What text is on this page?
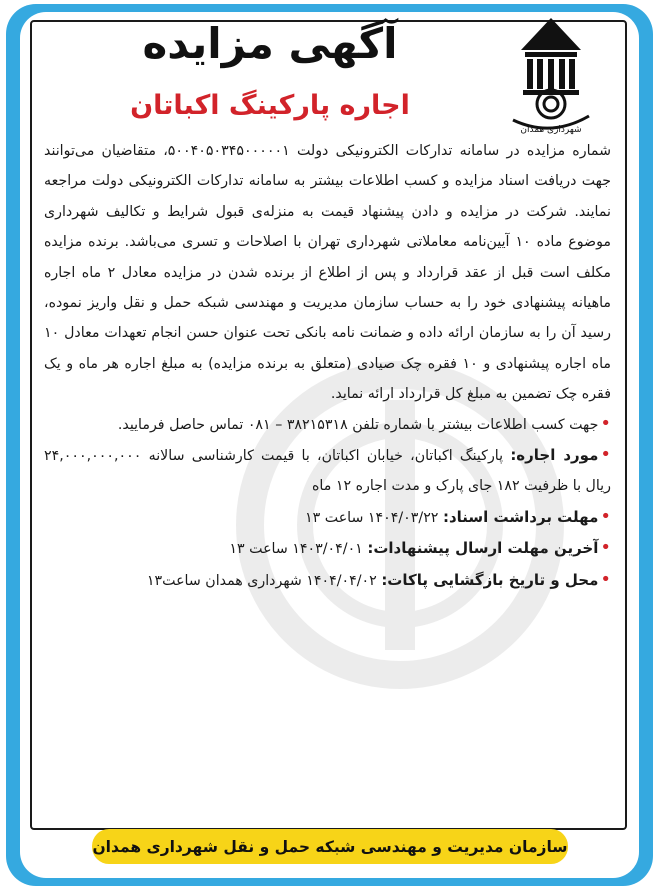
شهرداری همدان
آگهی مزایده
اجاره پارکینگ اکباتان

شماره مزایده در سامانه تدارکات الکترونیکی دولت ۵۰۰۴۰۵۰۳۴۵۰۰۰۰۰۱، متقاضیان می‌توانند جهت دریافت اسناد مزایده و کسب اطلاعات بیشتر به سامانه تدارکات الکترونیکی دولت مراجعه نمایند. شرکت در مزایده و دادن پیشنهاد قیمت به منزله‌ی قبول شرایط و تکالیف شهرداری موضوع ماده ۱۰ آیین‌نامه معاملاتی شهرداری تهران با اصلاحات و تسری می‌باشد. برنده مزایده مکلف است قبل از عقد قرارداد و پس از اطلاع از برنده شدن در مزایده معادل ۲ ماه اجاره ماهیانه پیشنهادی خود را به حساب سازمان مدیریت و مهندسی شبکه حمل و نقل واریز نموده، رسید آن را به سازمان ارائه داده و ضمانت نامه بانکی تحت عنوان حسن انجام تعهدات معادل ۱۰ ماه اجاره پیشنهادی و ۱۰ فقره چک صیادی (متعلق به برنده مزایده) به مبلغ اجاره هر ماه و یک فقره چک تضمین به مبلغ کل قرارداد ارائه نماید.

•جهت کسب اطلاعات بیشتر با شماره تلفن ۳۸۲۱۵۳۱۸ – ۰۸۱ تماس حاصل فرمایید.

•مورد اجاره: پارکینگ اکباتان، خیابان اکباتان، با قیمت کارشناسی سالانه ۲۴,۰۰۰,۰۰۰,۰۰۰ ریال با ظرفیت ۱۸۲ جای پارک و مدت اجاره ۱۲ ماه

•مهلت برداشت اسناد: ۱۴۰۴/۰۳/۲۲ ساعت ۱۳

•آخرین مهلت ارسال پیشنهادات: ۱۴۰۳/۰۴/۰۱ ساعت ۱۳

•محل و تاریخ بازگشایی پاکات: ۱۴۰۴/۰۴/۰۲ شهرداری همدان ساعت۱۳

سازمان مدیریت و مهندسی شبکه حمل و نقل شهرداری همدان
